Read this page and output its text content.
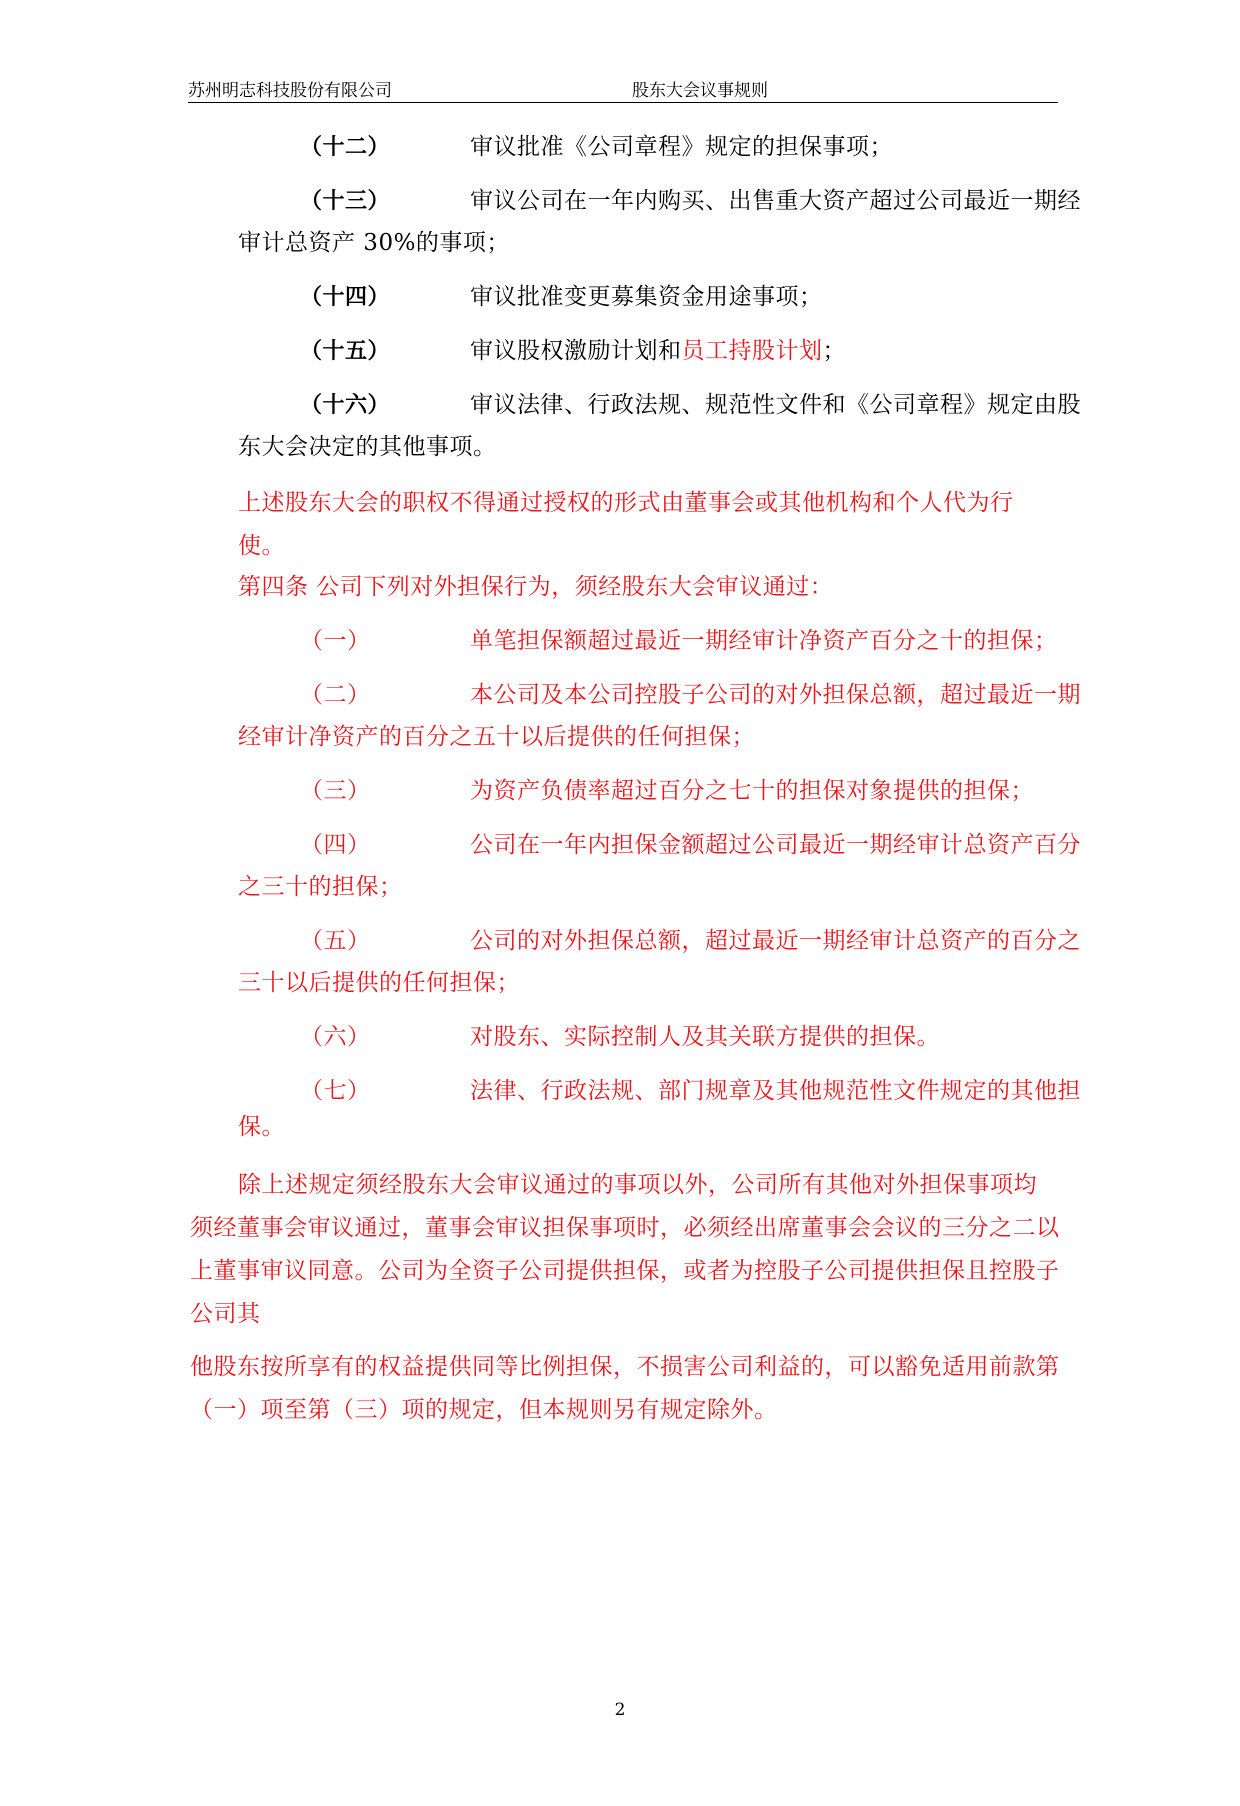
苏州明志科技股份有限公司	股东大会议事规则
（十二）	审议批准《公司章程》规定的担保事项；
（十三）	审议公司在一年内购买、出售重大资产超过公司最近一期经
审计总资产 30%的事项；
（十四）	审议批准变更募集资金用途事项；
（十五）	审议股权激励计划和员工持股计划；
（十六）	审议法律、行政法规、规范性文件和《公司章程》规定由股
东大会决定的其他事项。
上述股东大会的职权不得通过授权的形式由董事会或其他机构和个人代为行使。
第四条 公司下列对外担保行为，须经股东大会审议通过：
（一）	单笔担保额超过最近一期经审计净资产百分之十的担保；
（二）	本公司及本公司控股子公司的对外担保总额，超过最近一期
经审计净资产的百分之五十以后提供的任何担保；
（三）	为资产负债率超过百分之七十的担保对象提供的担保；
（四）	公司在一年内担保金额超过公司最近一期经审计总资产百分
之三十的担保；
（五）	公司的对外担保总额，超过最近一期经审计总资产的百分之
三十以后提供的任何担保；
（六）	对股东、实际控制人及其关联方提供的担保。
（七）	法律、行政法规、部门规章及其他规范性文件规定的其他担
保。
除上述规定须经股东大会审议通过的事项以外，公司所有其他对外担保事项均须经董事会审议通过，董事会审议担保事项时，必须经出席董事会会议的三分之二以上董事审议同意。公司为全资子公司提供担保，或者为控股子公司提供担保且控股子公司其
他股东按所享有的权益提供同等比例担保，不损害公司利益的，可以豁免适用前款第（一）项至第（三）项的规定，但本规则另有规定除外。
2
